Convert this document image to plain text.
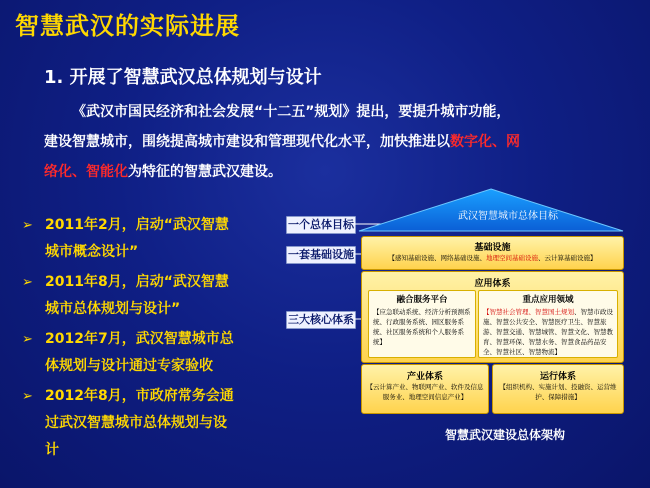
智慧武汉的实际进展
1. 开展了智慧武汉总体规划与设计
《武汉市国民经济和社会发展“十二五”规划》提出，要提升城市功能，
建设智慧城市，围绕提高城市建设和管理现代化水平，加快推进以数字化、网
络化、智能化为特征的智慧武汉建设。
➢ 2011年2月，启动“武汉智慧
城市概念设计”
➢ 2011年8月，启动“武汉智慧
城市总体规划与设计”
➢ 2012年7月，武汉智慧城市总
体规划与设计通过专家验收
➢ 2012年8月，市政府常务会通
过武汉智慧城市总体规划与设
计
一个总体目标
一套基础设施
三大核心体系
武汉智慧城市总体目标
基础设施
【感知基础设施、网络基础设施、地理空间基础设施、云计算基础设施】
应用体系
融合服务平台
【应急联动系统、经济分析预测系统、行政服务系统、园区服务系统、社区服务系统和个人服务系统】
重点应用领域
【智慧社会管理、智慧国土规划、智慧市政设施、智慧公共安全、智慧医疗卫生、智慧旅游、智慧交通、智慧城管、智慧文化、智慧教育、智慧环保、智慧水务、智慧食品药品安全、智慧社区、智慧物流】
产业体系
【云计算产业、物联网产业、软件及信息服务业、地理空间信息产业】
运行体系
【组织机构、实施计划、投融资、运营维护、保障措施】
智慧武汉建设总体架构
